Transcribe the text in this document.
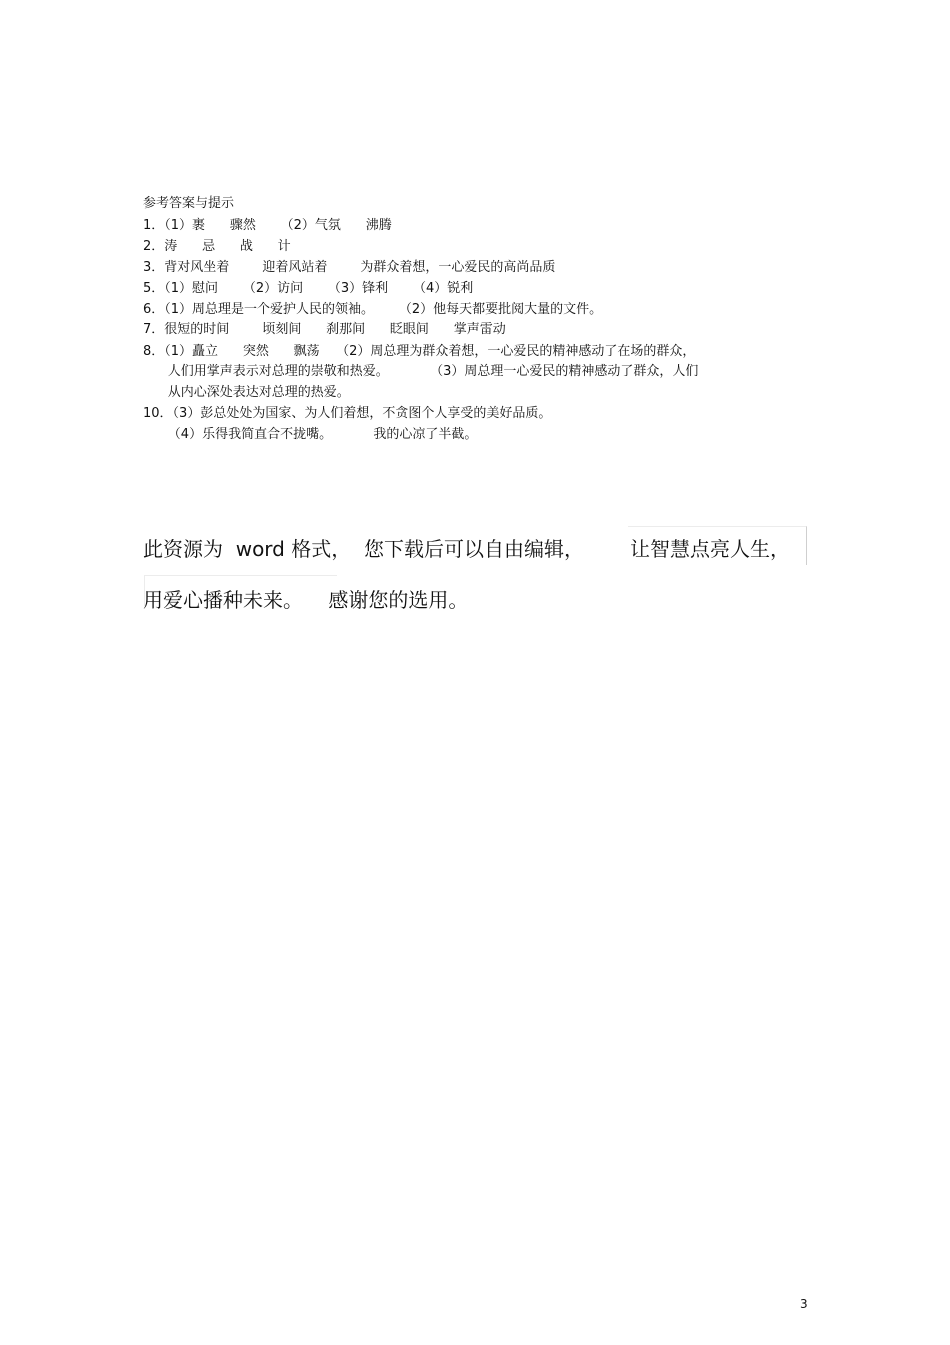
参考答案与提示
1．（1）裹      骤然      （2）气氛      沸腾
2．涛      忌      战      计
3．背对风坐着        迎着风站着        为群众着想，一心爱民的高尚品质
5．（1）慰问      （2）访问      （3）锋利      （4）锐利
6．（1）周总理是一个爱护人民的领袖。      （2）他每天都要批阅大量的文件。
7．很短的时间        顷刻间      刹那间      眨眼间      掌声雷动
8．（1）矗立      突然      飘荡    （2）周总理为群众着想，一心爱民的精神感动了在场的群众，
人们用掌声表示对总理的崇敬和热爱。          （3）周总理一心爱民的精神感动了群众，人们
从内心深处表达对总理的热爱。
10．（3）彭总处处为国家、为人们着想，不贪图个人享受的美好品质。
（4）乐得我简直合不拢嘴。          我的心凉了半截。
此资源为  word 格式，  您下载后可以自由编辑， 让智慧点亮人生，
用爱心播种未来。    感谢您的选用。
3
